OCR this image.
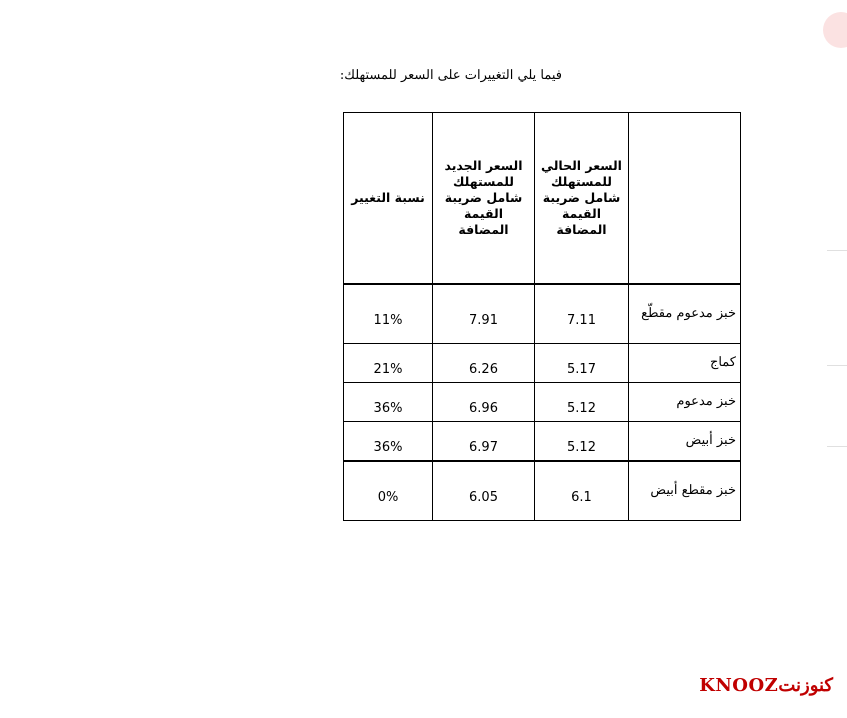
فيما يلي التغييرات على السعر للمستهلك:

	السعر الحالي للمستهلك شامل ضريبة القيمة المضافة	السعر الجديد للمستهلك شامل ضريبة القيمة المضافة	نسبة التغيير

خبز مدعوم مقطّع	7.11	7.91	11%
كماج	5.17	6.26	21%
خبز مدعوم	5.12	6.96	36%
خبز أبيض	5.12	6.97	36%
خبز مقطع أبيض	6.1	6.05	0%
KNOOZكنوزنت
